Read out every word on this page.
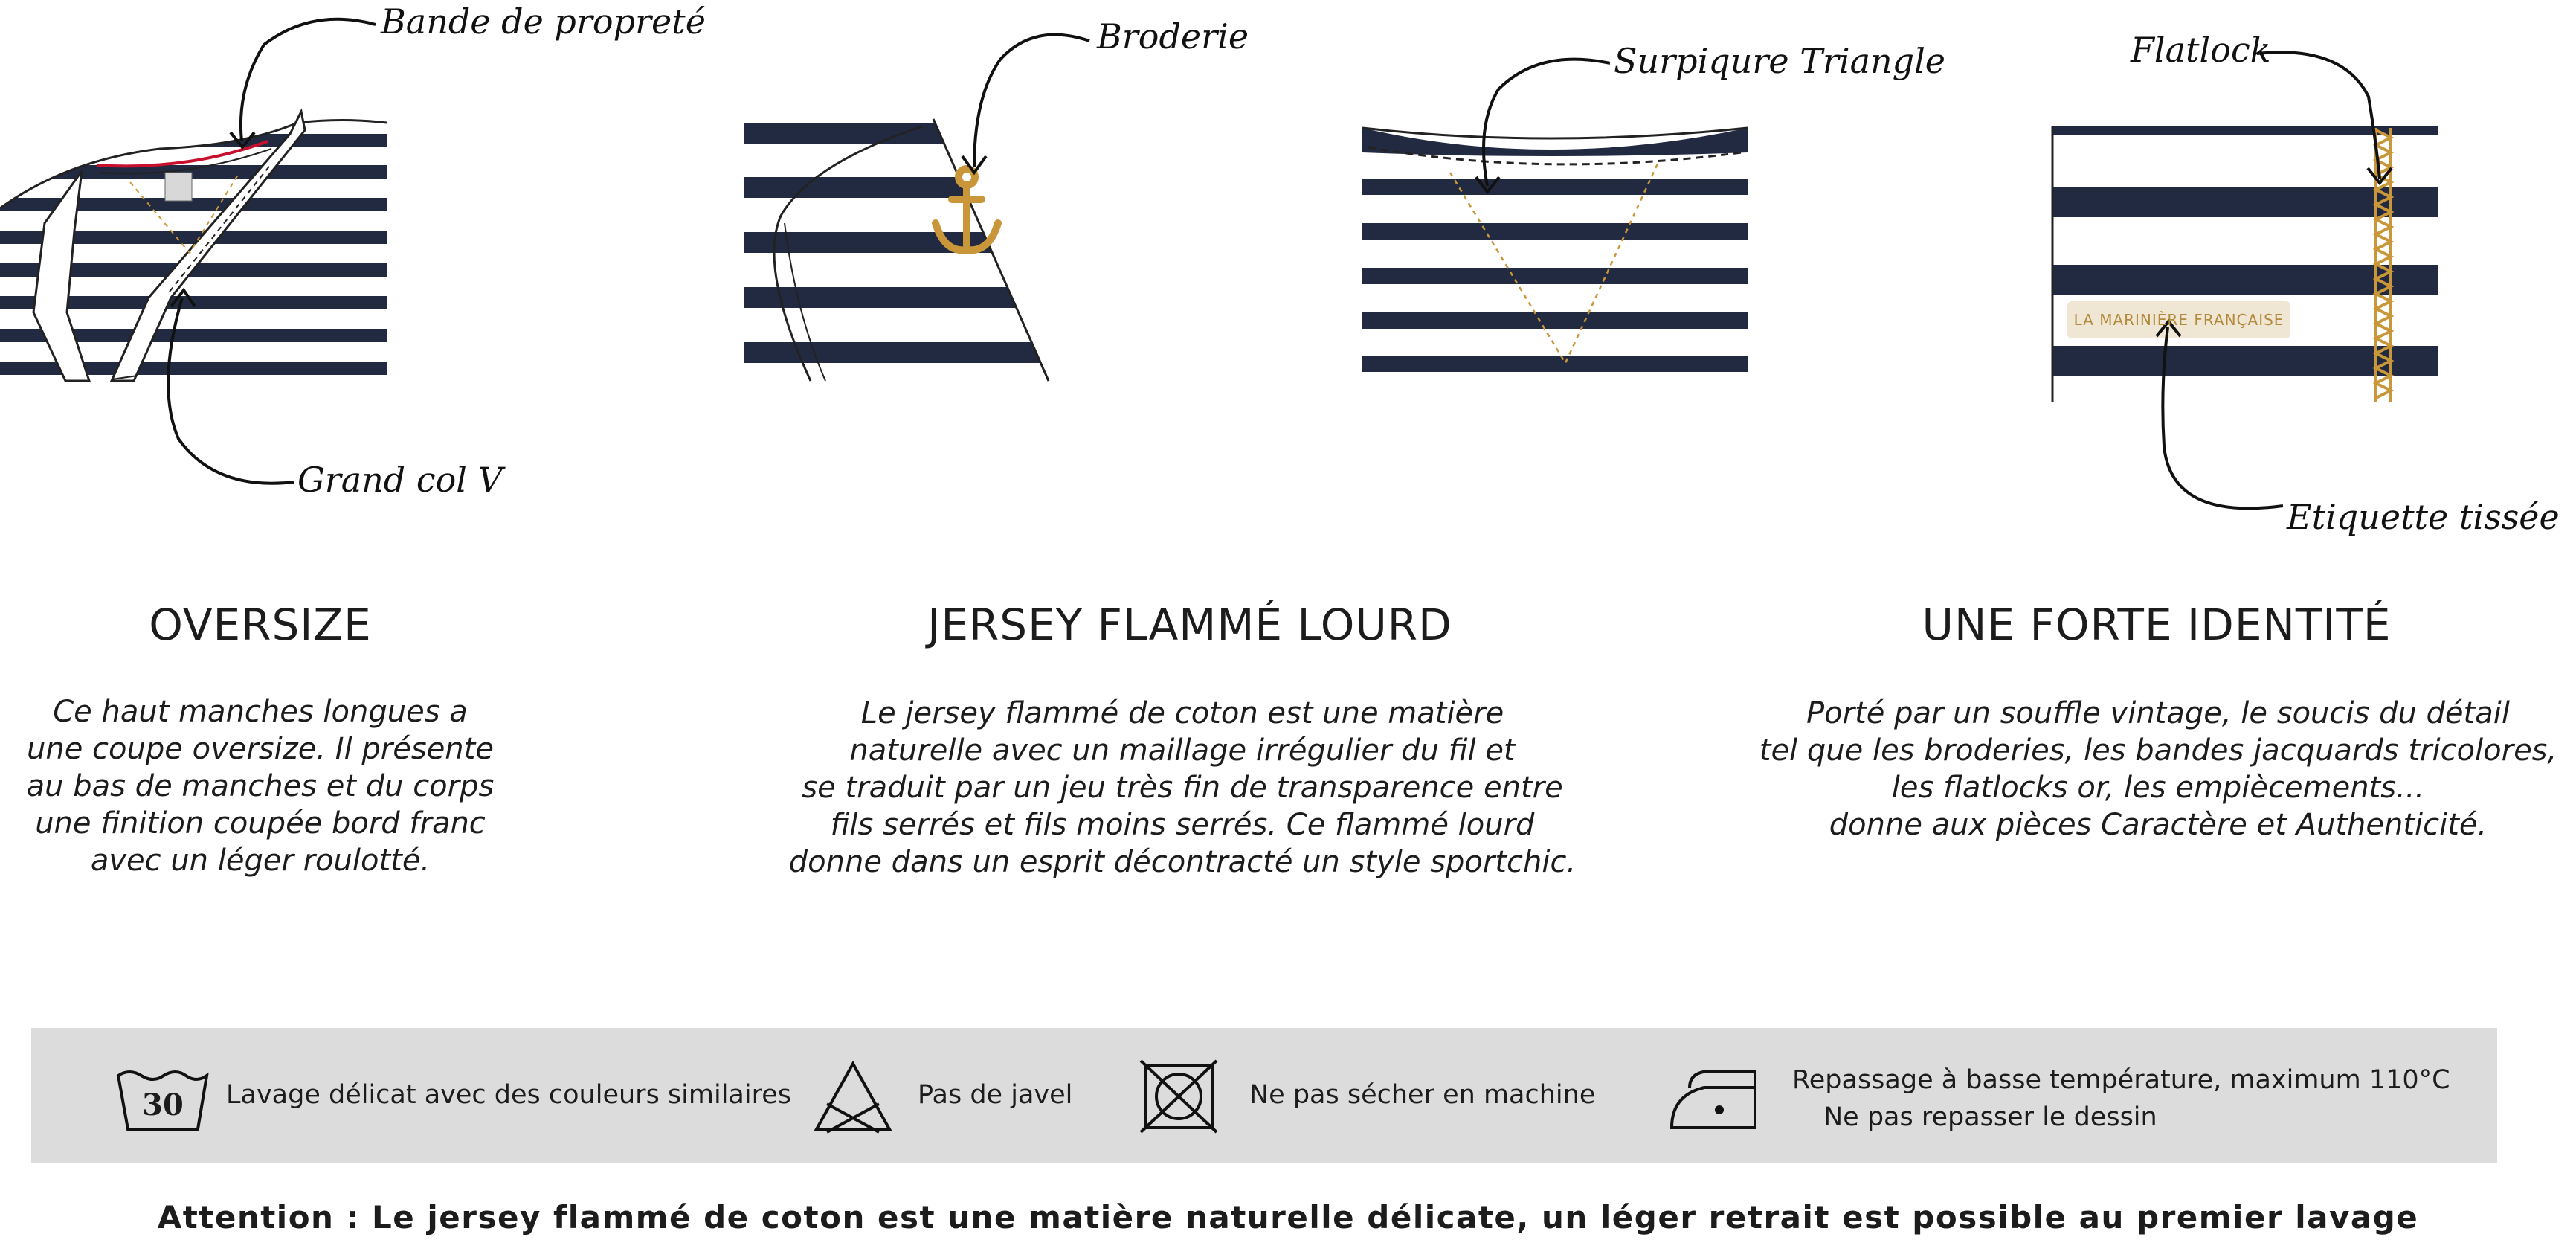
LA MARINIÈRE FRANÇAISE
Bande de propreté
Grand col V
Broderie
Surpiqure Triangle	Flatlock
Etiquette tissée
OVERSIZE	JERSEY FLAMMÉ LOURD	UNE FORTE IDENTITÉ
Ce haut manches longues a
une coupe oversize. Il présente
au bas de manches et du corps
une finition coupée bord franc
avec un léger roulotté.
Le jersey flammé de coton est une matière
naturelle avec un maillage irrégulier du fil et
se traduit par un jeu très fin de transparence entre
fils serrés et fils moins serrés. Ce flammé lourd
donne dans un esprit décontracté un style sportchic.
Porté par un souffle vintage, le soucis du détail
tel que les broderies, les bandes jacquards tricolores,
les flatlocks or, les empiècements...
donne aux pièces Caractère et Authenticité.
30	Lavage délicat avec des couleurs similaires	Pas de javel	Ne pas sécher en machine	Repassage à basse température, maximum 110°C
Ne pas repasser le dessin
Attention : Le jersey flammé de coton est une matière naturelle délicate, un léger retrait est possible au premier lavage
